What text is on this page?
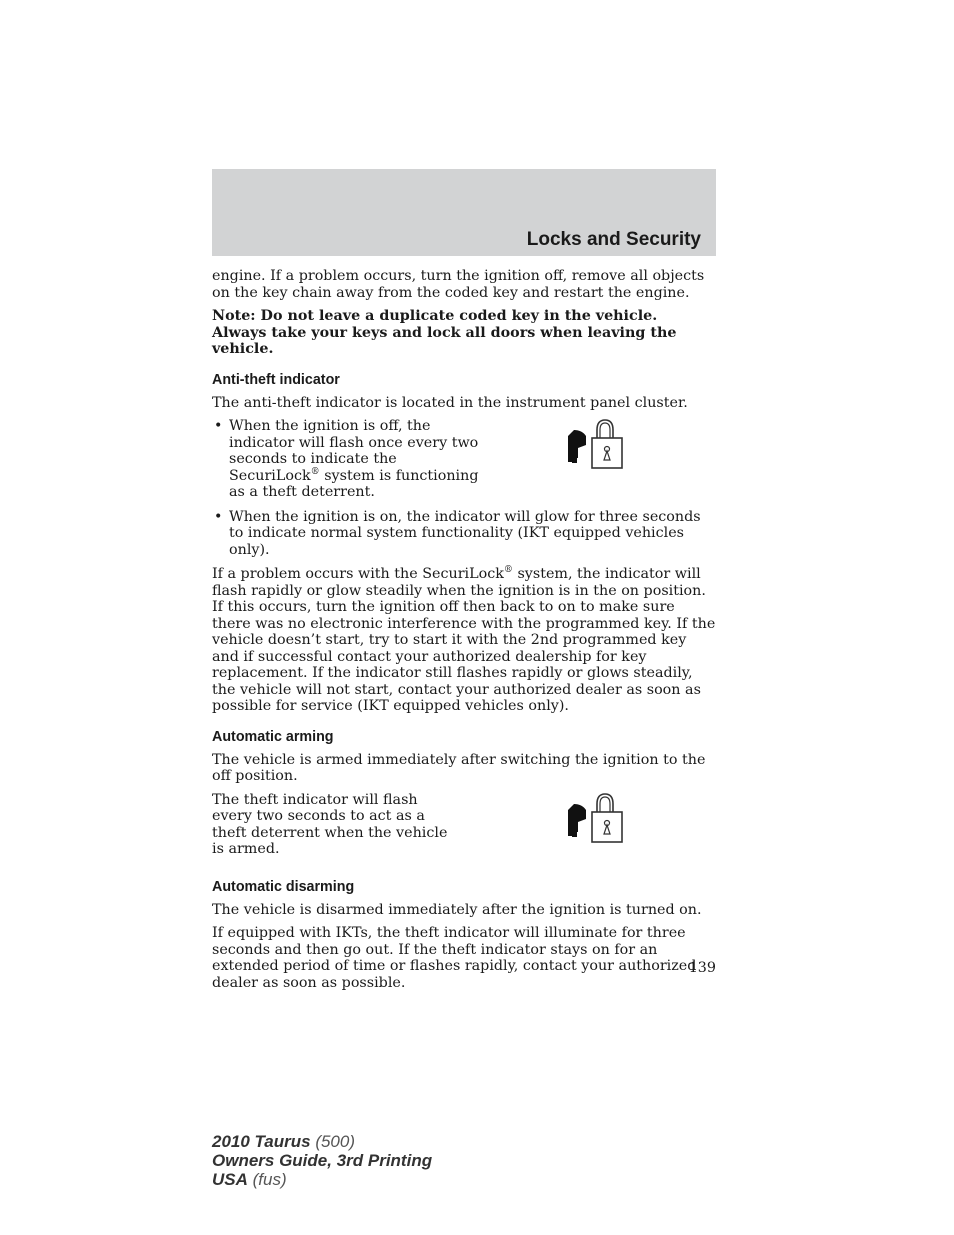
Locks and Security

engine. If a problem occurs, turn the ignition off, remove all objects on the key chain away from the coded key and restart the engine.

Note: Do not leave a duplicate coded key in the vehicle. Always take your keys and lock all doors when leaving the vehicle.

Anti-theft indicator

The anti-theft indicator is located in the instrument panel cluster.

• When the ignition is off, the indicator will flash once every two seconds to indicate the SecuriLock® system is functioning as a theft deterrent.
• When the ignition is on, the indicator will glow for three seconds to indicate normal system functionality (IKT equipped vehicles only).

If a problem occurs with the SecuriLock® system, the indicator will flash rapidly or glow steadily when the ignition is in the on position. If this occurs, turn the ignition off then back to on to make sure there was no electronic interference with the programmed key. If the vehicle doesn’t start, try to start it with the 2nd programmed key and if successful contact your authorized dealership for key replacement. If the indicator still flashes rapidly or glows steadily, the vehicle will not start, contact your authorized dealer as soon as possible for service (IKT equipped vehicles only).

Automatic arming

The vehicle is armed immediately after switching the ignition to the off position.

The theft indicator will flash every two seconds to act as a theft deterrent when the vehicle is armed.

Automatic disarming

The vehicle is disarmed immediately after the ignition is turned on.

If equipped with IKTs, the theft indicator will illuminate for three seconds and then go out. If the theft indicator stays on for an extended period of time or flashes rapidly, contact your authorized dealer as soon as possible.

139
2010 Taurus (500)
Owners Guide, 3rd Printing
USA (fus)
